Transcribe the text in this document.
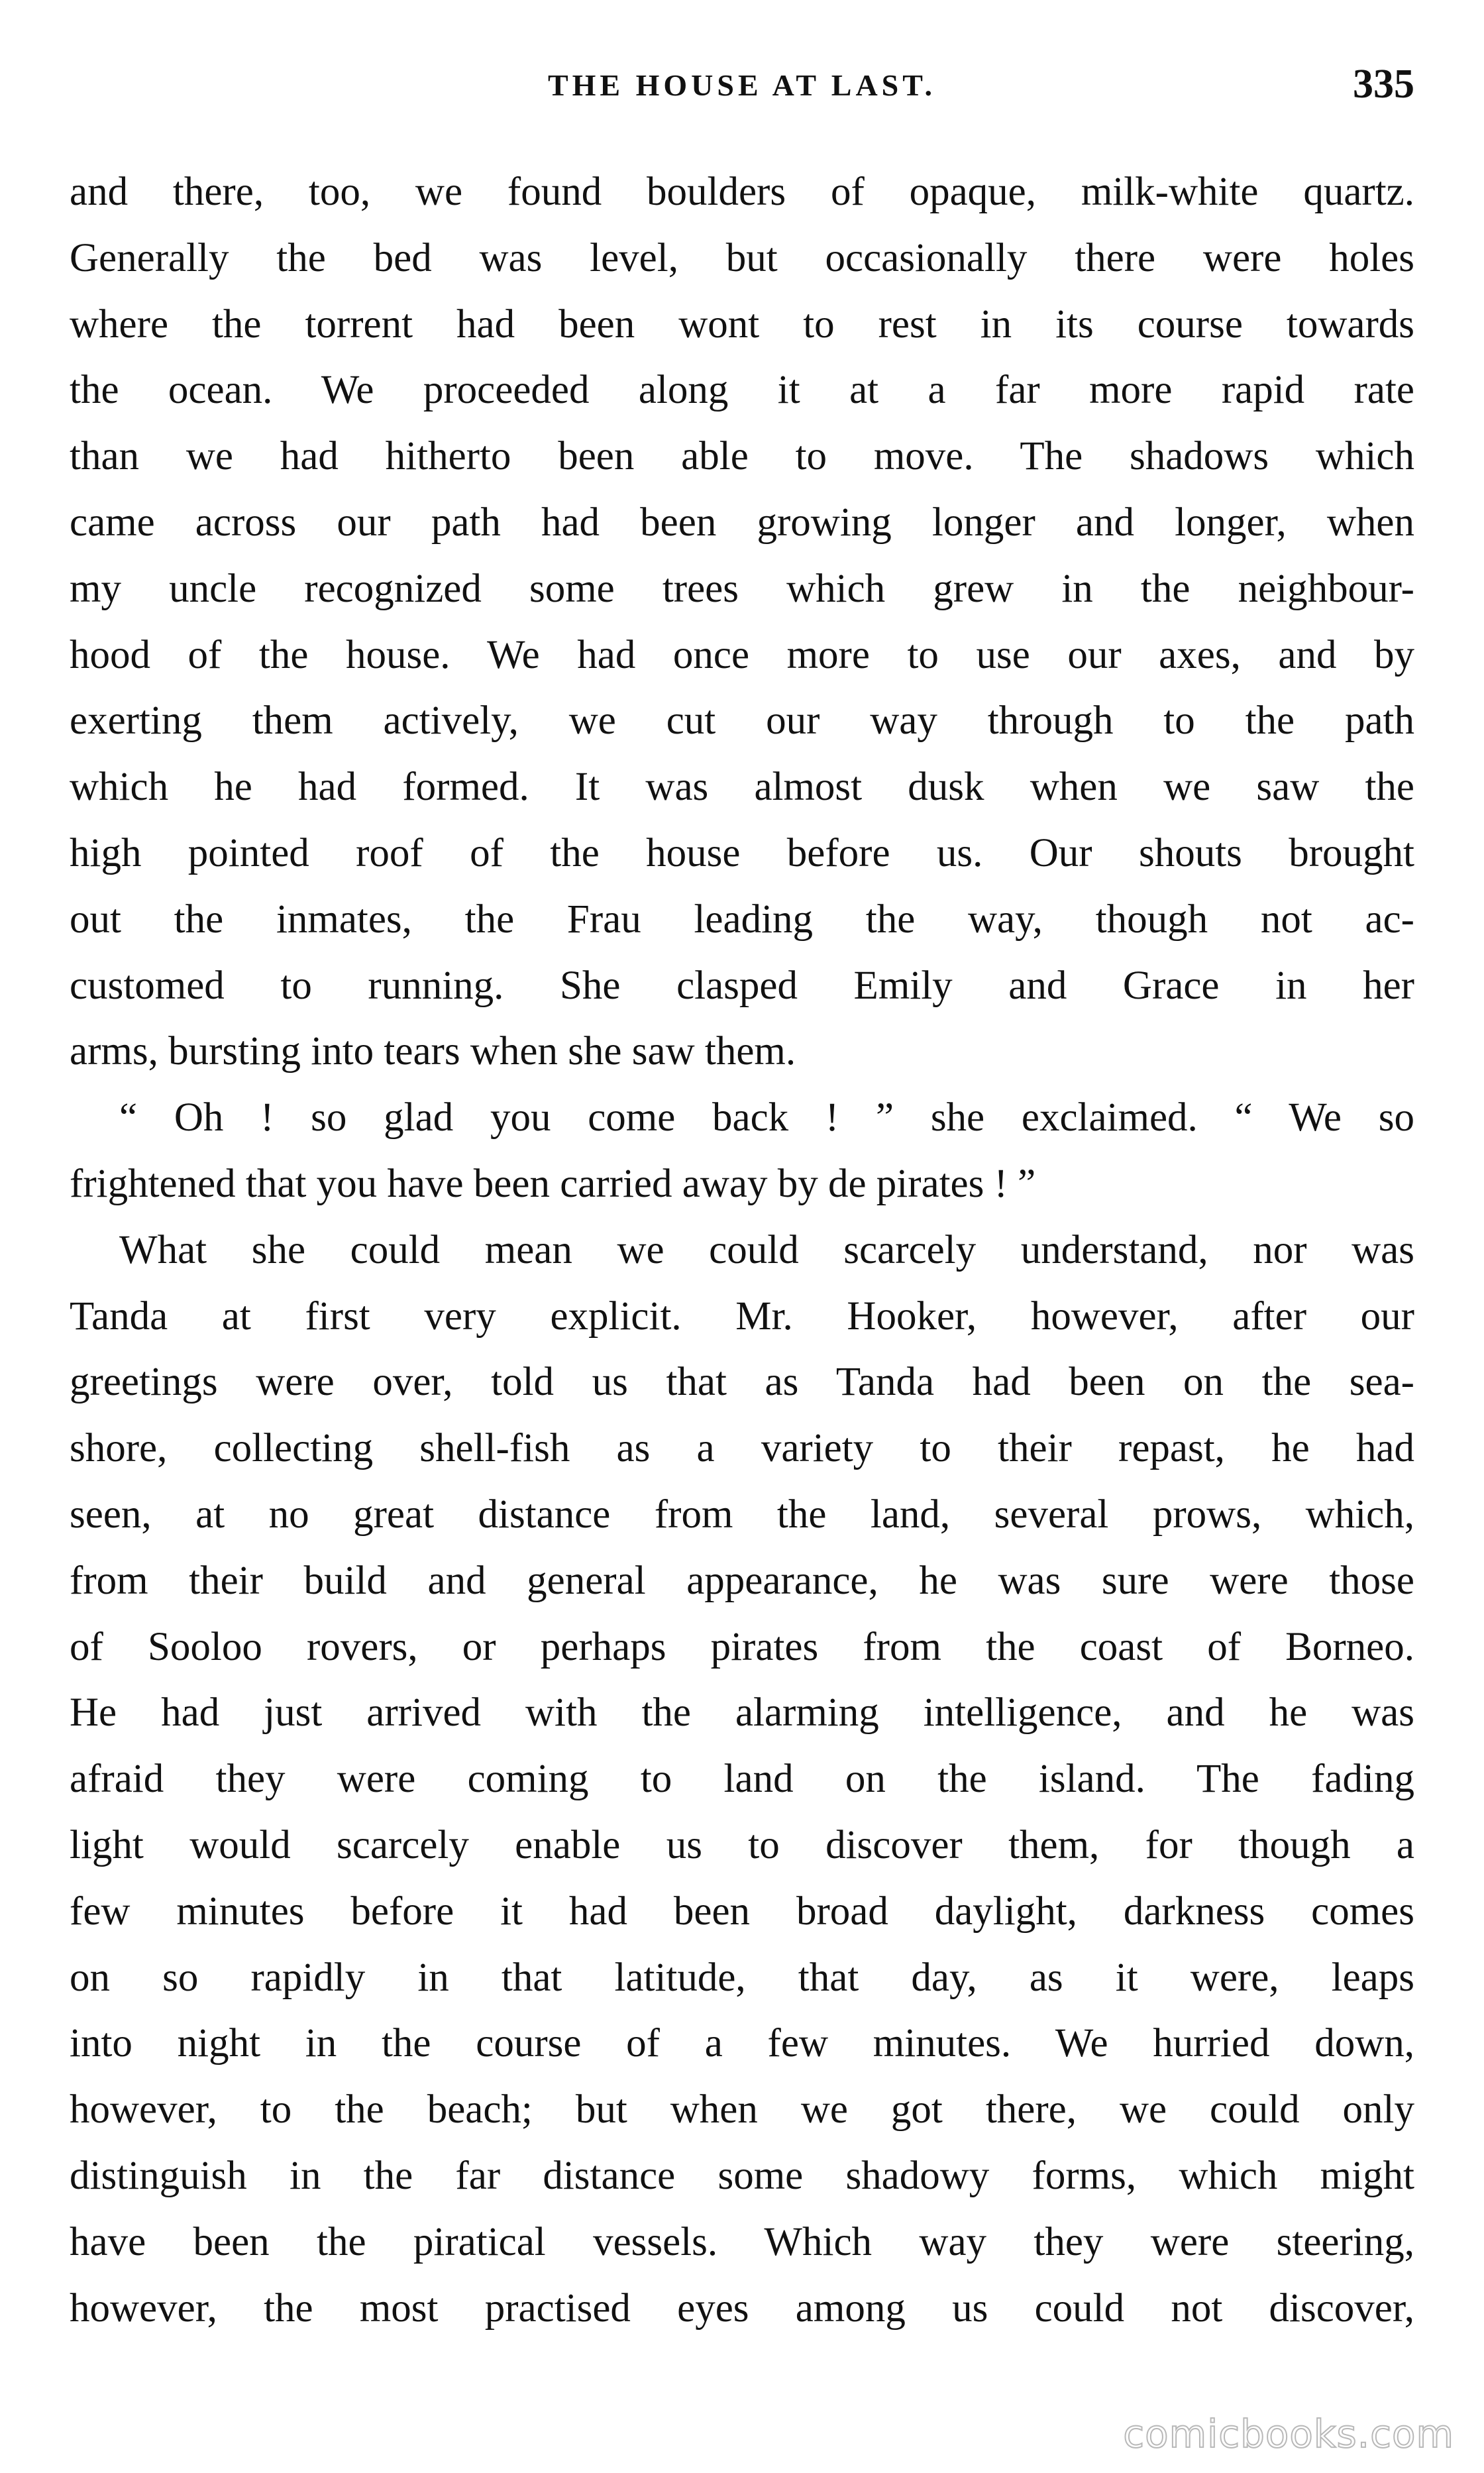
THE HOUSE AT LAST.	335
and there, too, we found boulders of opaque, milk-white quartz.
Generally the bed was level, but occasionally there were holes
where the torrent had been wont to rest in its course towards
the ocean. We proceeded along it at a far more rapid rate
than we had hitherto been able to move. The shadows which
came across our path had been growing longer and longer, when
my uncle recognized some trees which grew in the neighbour-
hood of the house. We had once more to use our axes, and by
exerting them actively, we cut our way through to the path
which he had formed. It was almost dusk when we saw the
high pointed roof of the house before us. Our shouts brought
out the inmates, the Frau leading the way, though not ac-
customed to running. She clasped Emily and Grace in her
arms, bursting into tears when she saw them.
“ Oh ! so glad you come back ! ” she exclaimed. “ We so
frightened that you have been carried away by de pirates ! ”
What she could mean we could scarcely understand, nor was
Tanda at first very explicit. Mr. Hooker, however, after our
greetings were over, told us that as Tanda had been on the sea-
shore, collecting shell-fish as a variety to their repast, he had
seen, at no great distance from the land, several prows, which,
from their build and general appearance, he was sure were those
of Sooloo rovers, or perhaps pirates from the coast of Borneo.
He had just arrived with the alarming intelligence, and he was
afraid they were coming to land on the island. The fading
light would scarcely enable us to discover them, for though a
few minutes before it had been broad daylight, darkness comes
on so rapidly in that latitude, that day, as it were, leaps
into night in the course of a few minutes. We hurried down,
however, to the beach; but when we got there, we could only
distinguish in the far distance some shadowy forms, which might
have been the piratical vessels. Which way they were steering,
however, the most practised eyes among us could not discover,
comicbooks.com
